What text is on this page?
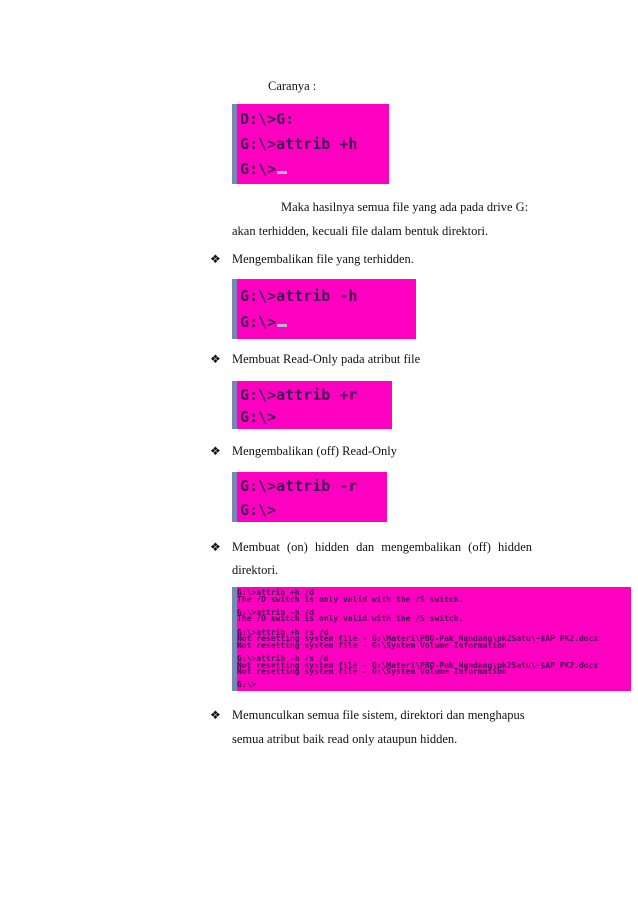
Caranya :
D:\>G:
G:\>attrib +h
G:\>
Maka hasilnya semua file yang ada pada drive G:
akan terhidden, kecuali file dalam bentuk direktori.
❖ Mengembalikan file yang terhidden.
G:\>attrib -h
G:\>
❖ Membuat Read-Only pada atribut file
G:\>attrib +r
G:\>
❖ Mengembalikan (off) Read-Only
G:\>attrib -r
G:\>
❖ Membuat (on) hidden dan mengembalikan (off) hidden
direktori.
G:\>attrib +h /d
The /D switch is only valid with the /S switch.
G:\>attrib -h /d
The /D switch is only valid with the /S switch.
G:\>attrib +h /s /d
Not resetting system file - G:\Materi\PBO-Pak Nandang\pk2Satu\~$AP PK2.docx
Not resetting system file - G:\System Volume Information
G:\>attrib -h /s /d
Not resetting system file - G:\Materi\PBO-Pak Nandang\pk2Satu\~$AP PK2.docx
Not resetting system file - G:\System Volume Information
G:\>
❖ Memunculkan semua file sistem, direktori dan menghapus
semua atribut baik read only ataupun hidden.
